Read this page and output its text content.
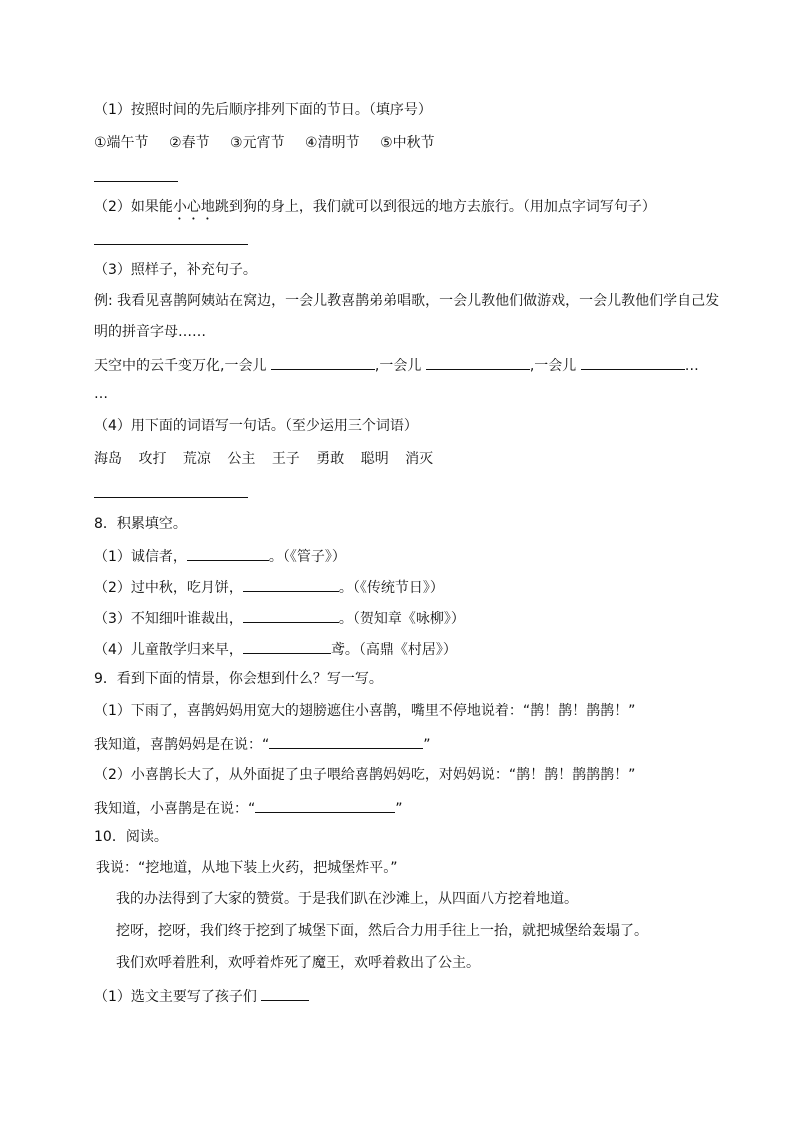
（1）按照时间的先后顺序排列下面的节日。（填序号）
①端午节 ②春节 ③元宵节 ④清明节 ⑤中秋节
（2）如果能小心地跳到狗的身上，我们就可以到很远的地方去旅行。（用加点字词写句子）
（3）照样子，补充句子。
例: 我看见喜鹊阿姨站在窝边，一会儿教喜鹊弟弟唱歌，一会儿教他们做游戏，一会儿教他们学自己发
明的拼音字母……
天空中的云千变万化,一会儿	,一会儿	,一会儿	…
…
（4）用下面的词语写一句话。（至少运用三个词语）
海岛 攻打 荒凉 公主 王子 勇敢 聪明 消灭
8．积累填空。
（1）诚信者，	。（《管子》）
（2）过中秋，吃月饼，	。（《传统节日》）
（3）不知细叶谁裁出，	。（贺知章《咏柳》）
（4）儿童散学归来早，	鸢。（高鼎《村居》）
9．看到下面的情景，你会想到什么？写一写。
（1）下雨了，喜鹊妈妈用宽大的翅膀遮住小喜鹊，嘴里不停地说着：“鹊！鹊！鹊鹊！”
我知道，喜鹊妈妈是在说：“	”
（2）小喜鹊长大了，从外面捉了虫子喂给喜鹊妈妈吃，对妈妈说：“鹊！鹊！鹊鹊鹊！”
我知道，小喜鹊是在说：“	”
10．阅读。
我说：“挖地道，从地下装上火药，把城堡炸平。”
我的办法得到了大家的赞赏。于是我们趴在沙滩上，从四面八方挖着地道。
挖呀，挖呀，我们终于挖到了城堡下面，然后合力用手往上一抬，就把城堡给轰塌了。
我们欢呼着胜利，欢呼着炸死了魔王，欢呼着救出了公主。
（1）选文主要写了孩子们
